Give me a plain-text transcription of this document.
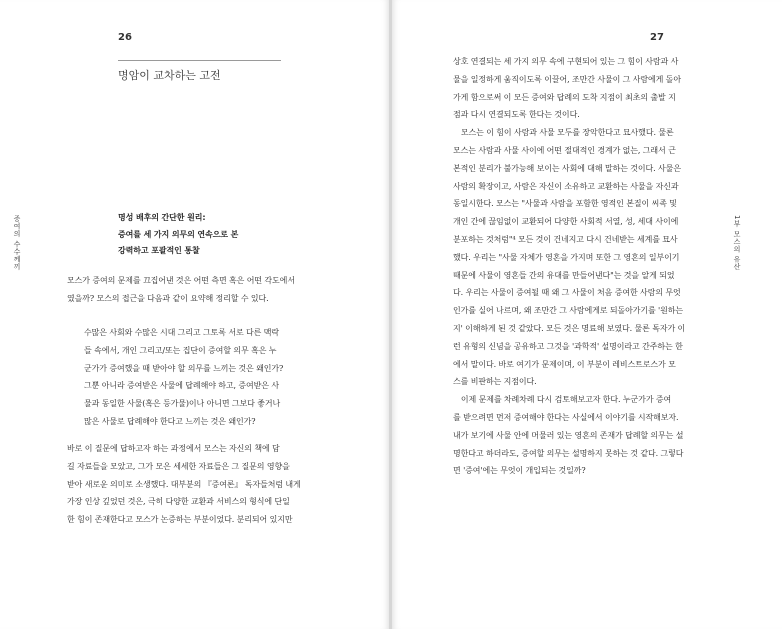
26
명암이 교차하는 고전
증여의 수수께끼	명성 배후의 간단한 원리:
증여를 세 가지 의무의 연속으로 본
강력하고 포괄적인 통찰
모스가 증여의 문제를 끄집어낸 것은 어떤 측면 혹은 어떤 각도에서
였을까? 모스의 접근을 다음과 같이 요약해 정리할 수 있다.
수많은 사회와 수많은 시대 그리고 그토록 서로 다른 맥락
들 속에서, 개인 그리고/또는 집단이 증여할 의무 혹은 누
군가가 증여했을 때 받아야 할 의무를 느끼는 것은 왜인가?
그뿐 아니라 증여받은 사물에 답례해야 하고, 증여받은 사
물과 동일한 사물(혹은 등가물)이나 아니면 그보다 좋거나
많은 사물로 답례해야 한다고 느끼는 것은 왜인가?
바로 이 질문에 답하고자 하는 과정에서 모스는 자신의 책에 담
길 자료들을 모았고, 그가 모은 세세한 자료들은 그 질문의 영향을
받아 새로운 의미로 소생했다. 대부분의 『증여론』 독자들처럼 내게
가장 인상 깊었던 것은, 극히 다양한 교환과 서비스의 형식에 단일
한 힘이 존재한다고 모스가 논증하는 부분이었다. 분리되어 있지만
27
1부 모스의 유산
상호 연결되는 세 가지 의무 속에 구현되어 있는 그 힘이 사람과 사
물을 일정하게 움직이도록 이끌어, 조만간 사물이 그 사람에게 돌아
가게 함으로써 이 모든 증여와 답례의 도착 지점이 최초의 출발 지
점과 다시 연결되도록 한다는 것이다.
　모스는 이 힘이 사람과 사물 모두를 장악한다고 묘사했다. 물론
모스는 사람과 사물 사이에 어떤 절대적인 경계가 없는, 그래서 근
본적인 분리가 불가능해 보이는 사회에 대해 말하는 것이다. 사물은
사람의 확장이고, 사람은 자신이 소유하고 교환하는 사물을 자신과
동일시한다. 모스는 "사물과 사람을 포함한 영적인 본질이 씨족 및
개인 간에 끊임없이 교환되어 다양한 사회적 서열, 성, 세대 사이에
분포하는 것처럼"⁴ 모든 것이 건네지고 다시 건네받는 세계를 묘사
했다. 우리는 "사물 자체가 영혼을 가지며 또한 그 영혼의 일부이기
때문에 사물이 영혼들 간의 유대를 만들어낸다"는 것을 알게 되었
다. 우리는 사물이 증여될 때 왜 그 사물이 처음 증여한 사람의 무엇
인가를 실어 나르며, 왜 조만간 그 사람에게로 되돌아가기를 '원하는
지' 이해하게 된 것 같았다. 모든 것은 명료해 보였다. 물론 독자가 이
런 유형의 신념을 공유하고 그것을 '과학적' 설명이라고 간주하는 한
에서 말이다. 바로 여기가 문제이며, 이 부분이 레비스트로스가 모
스를 비판하는 지점이다.
　이제 문제를 차례차례 다시 검토해보고자 한다. 누군가가 증여
를 받으려면 먼저 증여해야 한다는 사실에서 이야기를 시작해보자.
내가 보기에 사물 안에 머물러 있는 영혼의 존재가 답례할 의무는 설
명한다고 하더라도, 증여할 의무는 설명하지 못하는 것 같다. 그렇다
면 '증여'에는 무엇이 개입되는 것일까?
